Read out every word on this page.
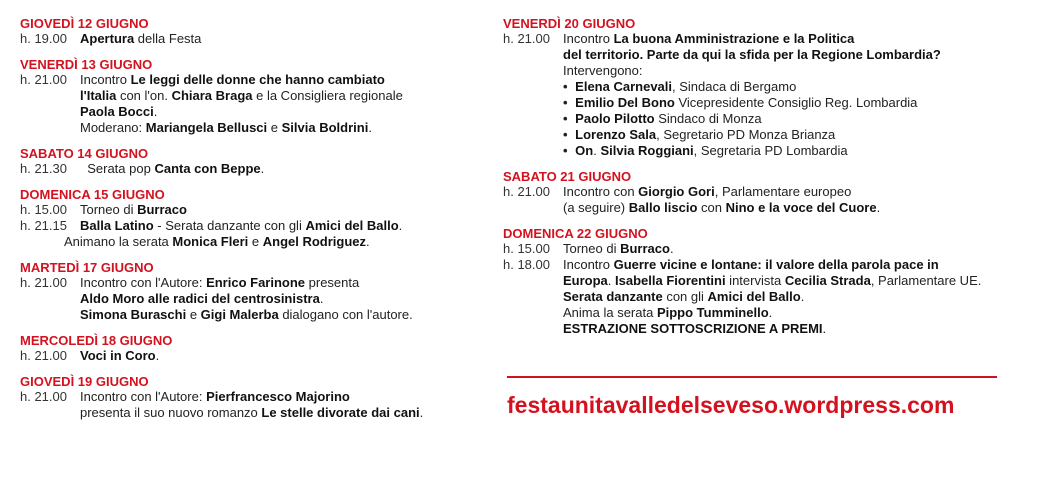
GIOVEDÌ 12 GIUGNO
h. 19.00	Apertura della Festa

VENERDÌ 13 GIUGNO
h. 21.00	Incontro Le leggi delle donne che hanno cambiato

l'Italia con l'on. Chiara Braga e la Consigliera regionale

Paola Bocci.

Moderano: Mariangela Bellusci e Silvia Boldrini.

SABATO 14 GIUGNO
h. 21.30	Serata pop Canta con Beppe.

DOMENICA 15 GIUGNO
h. 15.00	Torneo di Burraco

h. 21.15	Balla Latino - Serata danzante con gli Amici del Ballo.

Animano la serata Monica Fleri e Angel Rodriguez.

MARTEDÌ 17 GIUGNO
h. 21.00	Incontro con l'Autore: Enrico Farinone presenta

Aldo Moro alle radici del centrosinistra.

Simona Buraschi e Gigi Malerba dialogano con l'autore.

MERCOLEDÌ 18 GIUGNO
h. 21.00	Voci in Coro.

GIOVEDÌ 19 GIUGNO
h. 21.00	Incontro con l'Autore: Pierfrancesco Majorino

presenta il suo nuovo romanzo Le stelle divorate dai cani.

VENERDÌ 20 GIUGNO
h. 21.00	Incontro La buona Amministrazione e la Politica

del territorio. Parte da qui la sfida per la Regione Lombardia?

Intervengono:

• Elena Carnevali, Sindaca di Bergamo

• Emilio Del Bono Vicepresidente Consiglio Reg. Lombardia

• Paolo Pilotto Sindaco di Monza

• Lorenzo Sala, Segretario PD Monza Brianza

• On. Silvia Roggiani, Segretaria PD Lombardia

SABATO 21 GIUGNO
h. 21.00	Incontro con Giorgio Gori, Parlamentare europeo

(a seguire) Ballo liscio con Nino e la voce del Cuore.

DOMENICA 22 GIUGNO
h. 15.00	Torneo di Burraco.

h. 18.00	Incontro Guerre vicine e lontane: il valore della parola pace in

Europa. Isabella Fiorentini intervista Cecilia Strada, Parlamentare UE.

Serata danzante con gli Amici del Ballo.

Anima la serata Pippo Tumminello.

ESTRAZIONE SOTTOSCRIZIONE A PREMI.

festaunitavalledelseveso.wordpress.com
